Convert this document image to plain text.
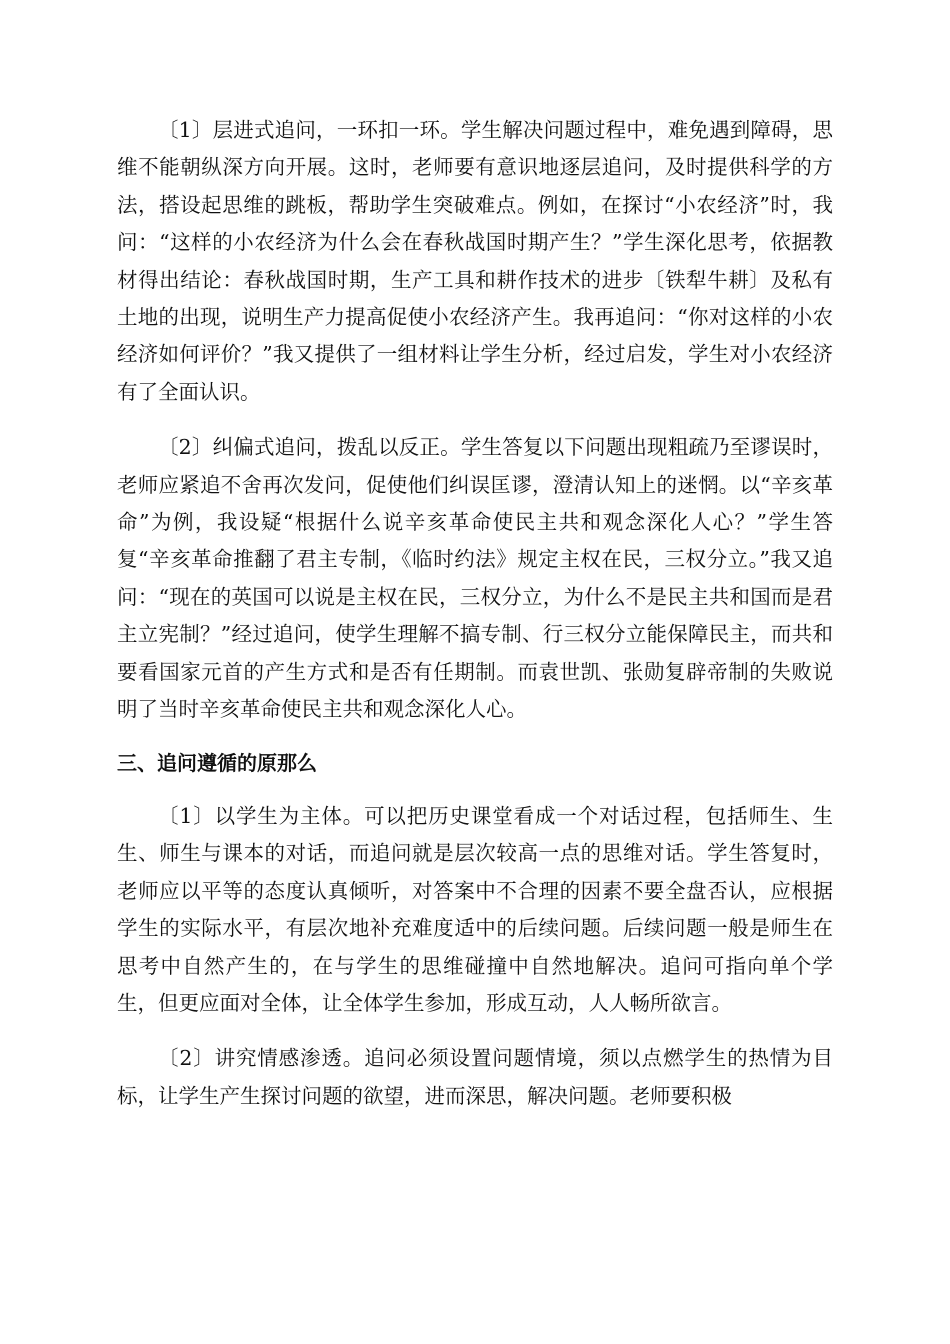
〔1〕层进式追问，一环扣一环。学生解决问题过程中，难免遇到障碍，思维不能朝纵深方向开展。这时，老师要有意识地逐层追问，及时提供科学的方法，搭设起思维的跳板，帮助学生突破难点。例如，在探讨“小农经济”时，我问：“这样的小农经济为什么会在春秋战国时期产生？”学生深化思考，依据教材得出结论：春秋战国时期，生产工具和耕作技术的进步〔铁犁牛耕〕及私有土地的出现，说明生产力提高促使小农经济产生。我再追问：“你对这样的小农经济如何评价？”我又提供了一组材料让学生分析，经过启发，学生对小农经济有了全面认识。

〔2〕纠偏式追问，拨乱以反正。学生答复以下问题出现粗疏乃至谬误时，老师应紧追不舍再次发问，促使他们纠误匡谬，澄清认知上的迷惘。以“辛亥革命”为例，我设疑“根据什么说辛亥革命使民主共和观念深化人心？”学生答复“辛亥革命推翻了君主专制，《临时约法》规定主权在民，三权分立。”我又追问：“现在的英国可以说是主权在民，三权分立，为什么不是民主共和国而是君主立宪制？”经过追问，使学生理解不搞专制、行三权分立能保障民主，而共和要看国家元首的产生方式和是否有任期制。而袁世凯、张勋复辟帝制的失败说明了当时辛亥革命使民主共和观念深化人心。

三、追问遵循的原那么

〔1〕以学生为主体。可以把历史课堂看成一个对话过程，包括师生、生生、师生与课本的对话，而追问就是层次较高一点的思维对话。学生答复时，老师应以平等的态度认真倾听，对答案中不合理的因素不要全盘否认，应根据学生的实际水平，有层次地补充难度适中的后续问题。后续问题一般是师生在思考中自然产生的，在与学生的思维碰撞中自然地解决。追问可指向单个学生，但更应面对全体，让全体学生参加，形成互动，人人畅所欲言。

〔2〕讲究情感渗透。追问必须设置问题情境，须以点燃学生的热情为目标，让学生产生探讨问题的欲望，进而深思，解决问题。老师要积极
